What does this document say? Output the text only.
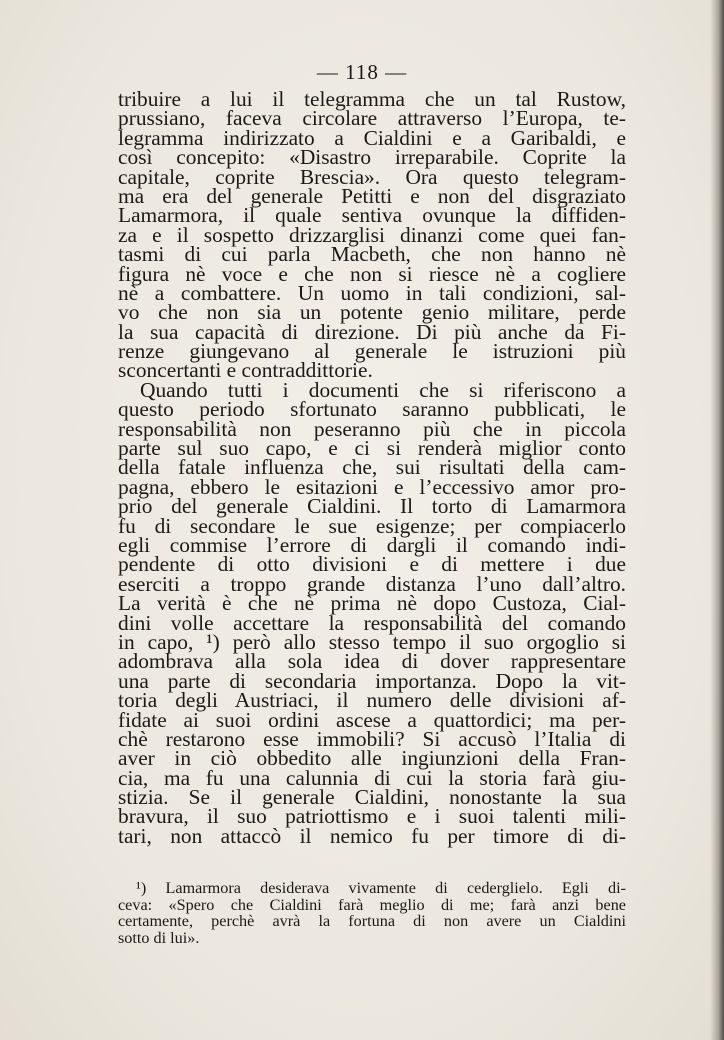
— 118 —
tribuire a lui il telegramma che un tal Rustow,
prussiano, faceva circolare attraverso l’Europa, te-
legramma indirizzato a Cialdini e a Garibaldi, e
così concepito: «Disastro irreparabile. Coprite la
capitale, coprite Brescia». Ora questo telegram-
ma era del generale Petitti e non del disgraziato
Lamarmora, il quale sentiva ovunque la diffiden-
za e il sospetto drizzarglisi dinanzi come quei fan-
tasmi di cui parla Macbeth, che non hanno nè
figura nè voce e che non si riesce nè a cogliere
nè a combattere. Un uomo in tali condizioni, sal-
vo che non sia un potente genio militare, perde
la sua capacità di direzione. Di più anche da Fi-
renze giungevano al generale le istruzioni più
sconcertanti e contraddittorie.
Quando tutti i documenti che si riferiscono a
questo periodo sfortunato saranno pubblicati, le
responsabilità non peseranno più che in piccola
parte sul suo capo, e ci si renderà miglior conto
della fatale influenza che, sui risultati della cam-
pagna, ebbero le esitazioni e l’eccessivo amor pro-
prio del generale Cialdini. Il torto di Lamarmora
fu di secondare le sue esigenze; per compiacerlo
egli commise l’errore di dargli il comando indi-
pendente di otto divisioni e di mettere i due
eserciti a troppo grande distanza l’uno dall’altro.
La verità è che nè prima nè dopo Custoza, Cial-
dini volle accettare la responsabilità del comando
in capo, ¹) però allo stesso tempo il suo orgoglio si
adombrava alla sola idea di dover rappresentare
una parte di secondaria importanza. Dopo la vit-
toria degli Austriaci, il numero delle divisioni af-
fidate ai suoi ordini ascese a quattordici; ma per-
chè restarono esse immobili? Si accusò l’Italia di
aver in ciò obbedito alle ingiunzioni della Fran-
cia, ma fu una calunnia di cui la storia farà giu-
stizia. Se il generale Cialdini, nonostante la sua
bravura, il suo patriottismo e i suoi talenti mili-
tari, non attaccò il nemico fu per timore di di-
¹) Lamarmora desiderava vivamente di cederglielo. Egli di-
ceva: «Spero che Cialdini farà meglio di me; farà anzi bene
certamente, perchè avrà la fortuna di non avere un Cialdini
sotto di lui».
